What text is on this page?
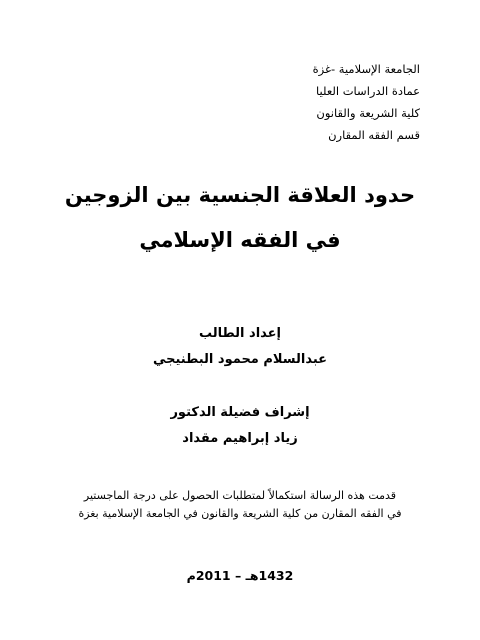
الجامعة الإسلامية -غزة
عمادة الدراسات العليا
كلية الشريعة والقانون
قسم الفقه المقارن
حدود العلاقة الجنسية بين الزوجين
في الفقه الإسلامي
إعداد الطالب
عبدالسلام محمود البطنيجي
إشراف فضيلة الدكتور
زياد إبراهيم مقداد
قدمت هذه الرسالة استكمالاً لمتطلبات الحصول على درجة الماجستير
في الفقه المقارن من كلية الشريعة والقانون في الجامعة الإسلامية بغزة
1432هـ – 2011م
